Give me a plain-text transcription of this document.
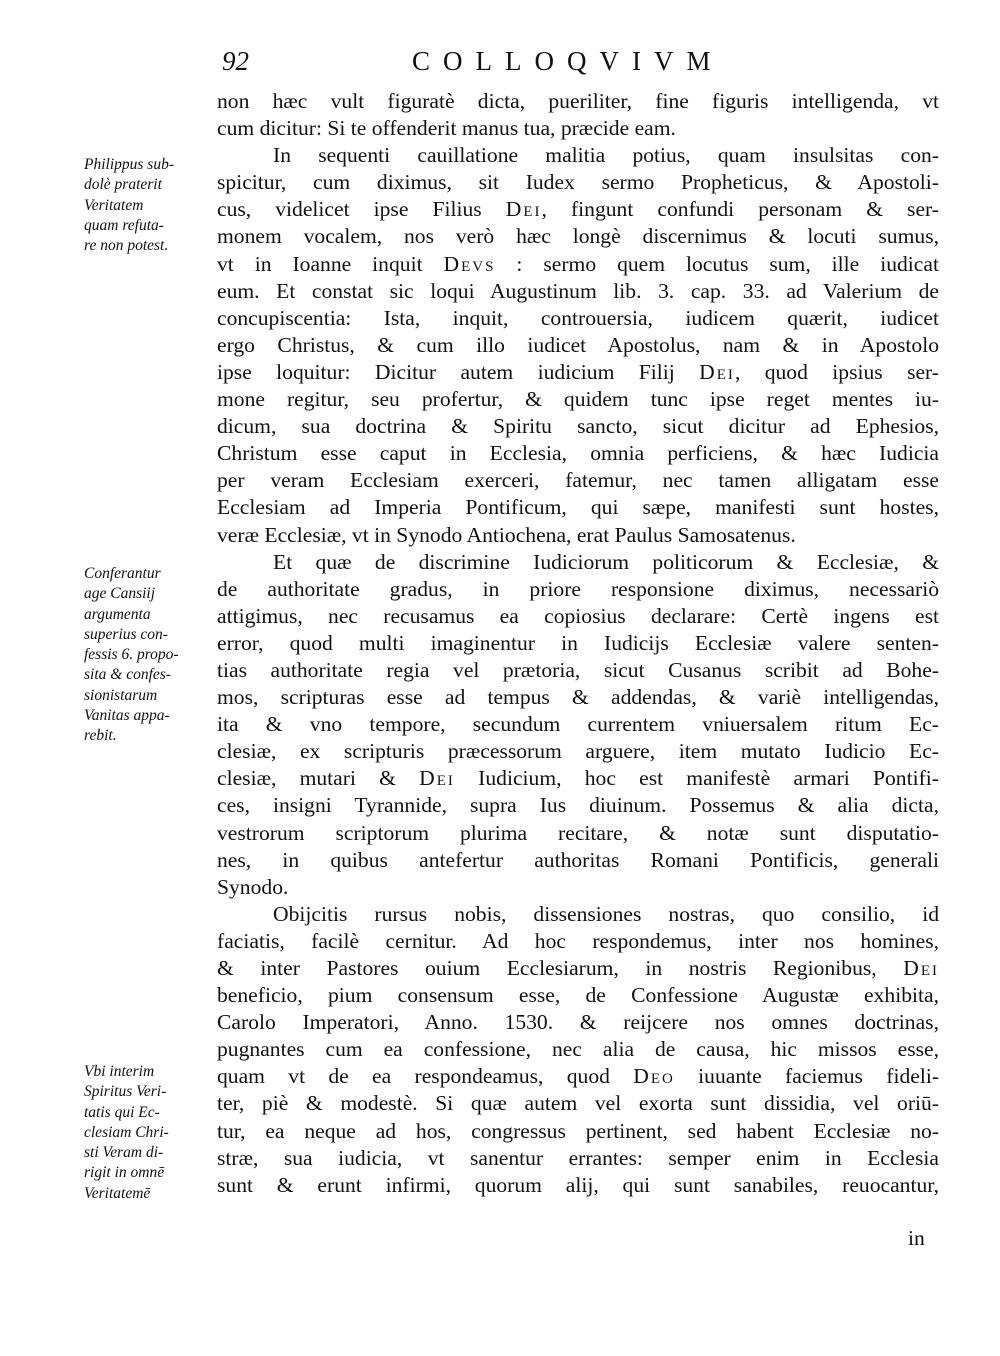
92	COLLOQVIVM
Philippus sub-
dolè praterit
Veritatem
quam refuta-
re non potest.
Conferantur
age Cansiij
argumenta
superius con-
fessis 6. propo-
sita & confes-
sionistarum
Vanitas appa-
rebit.
Vbi interim
Spiritus Veri-
tatis qui Ec-
clesiam Chri-
sti Veram di-
rigit in omnē
Veritatemē
non hæc vult figuratè dicta, pueriliter, fine figuris intelligenda, vt
cum dicitur: Si te offenderit manus tua, præcide eam.
In sequenti cauillatione malitia potius, quam insulsitas con-
spicitur, cum diximus, sit Iudex sermo Propheticus, & Apostoli-
cus, videlicet ipse Filius Dei, fingunt confundi personam & ser-
monem vocalem, nos verò hæc longè discernimus & locuti sumus,
vt in Ioanne inquit Devs : sermo quem locutus sum, ille iudicat
eum. Et constat sic loqui Augustinum lib. 3. cap. 33. ad Valerium de
concupiscentia: Ista, inquit, controuersia, iudicem quærit, iudicet
ergo Christus, & cum illo iudicet Apostolus, nam & in Apostolo
ipse loquitur: Dicitur autem iudicium Filij Dei, quod ipsius ser-
mone regitur, seu profertur, & quidem tunc ipse reget mentes iu-
dicum, sua doctrina & Spiritu sancto, sicut dicitur ad Ephesios,
Christum esse caput in Ecclesia, omnia perficiens, & hæc Iudicia
per veram Ecclesiam exerceri, fatemur, nec tamen alligatam esse
Ecclesiam ad Imperia Pontificum, qui sæpe, manifesti sunt hostes,
veræ Ecclesiæ, vt in Synodo Antiochena, erat Paulus Samosatenus.
Et quæ de discrimine Iudiciorum politicorum & Ecclesiæ, &
de authoritate gradus, in priore responsione diximus, necessariò
attigimus, nec recusamus ea copiosius declarare: Certè ingens est
error, quod multi imaginentur in Iudicijs Ecclesiæ valere senten-
tias authoritate regia vel prætoria, sicut Cusanus scribit ad Bohe-
mos, scripturas esse ad tempus & addendas, & variè intelligendas,
ita & vno tempore, secundum currentem vniuersalem ritum Ec-
clesiæ, ex scripturis præcessorum arguere, item mutato Iudicio Ec-
clesiæ, mutari & Dei Iudicium, hoc est manifestè armari Pontifi-
ces, insigni Tyrannide, supra Ius diuinum. Possemus & alia dicta,
vestrorum scriptorum plurima recitare, & notæ sunt disputatio-
nes, in quibus antefertur authoritas Romani Pontificis, generali
Synodo.
Obijcitis rursus nobis, dissensiones nostras, quo consilio, id
faciatis, facilè cernitur. Ad hoc respondemus, inter nos homines,
& inter Pastores ouium Ecclesiarum, in nostris Regionibus, Dei
beneficio, pium consensum esse, de Confessione Augustæ exhibita,
Carolo Imperatori, Anno. 1530. & reijcere nos omnes doctrinas,
pugnantes cum ea confessione, nec alia de causa, hic missos esse,
quam vt de ea respondeamus, quod Deo iuuante faciemus fideli-
ter, piè & modestè. Si quæ autem vel exorta sunt dissidia, vel oriū-
tur, ea neque ad hos, congressus pertinent, sed habent Ecclesiæ no-
stræ, sua iudicia, vt sanentur errantes: semper enim in Ecclesia
sunt & erunt infirmi, quorum alij, qui sunt sanabiles, reuocantur,
in
